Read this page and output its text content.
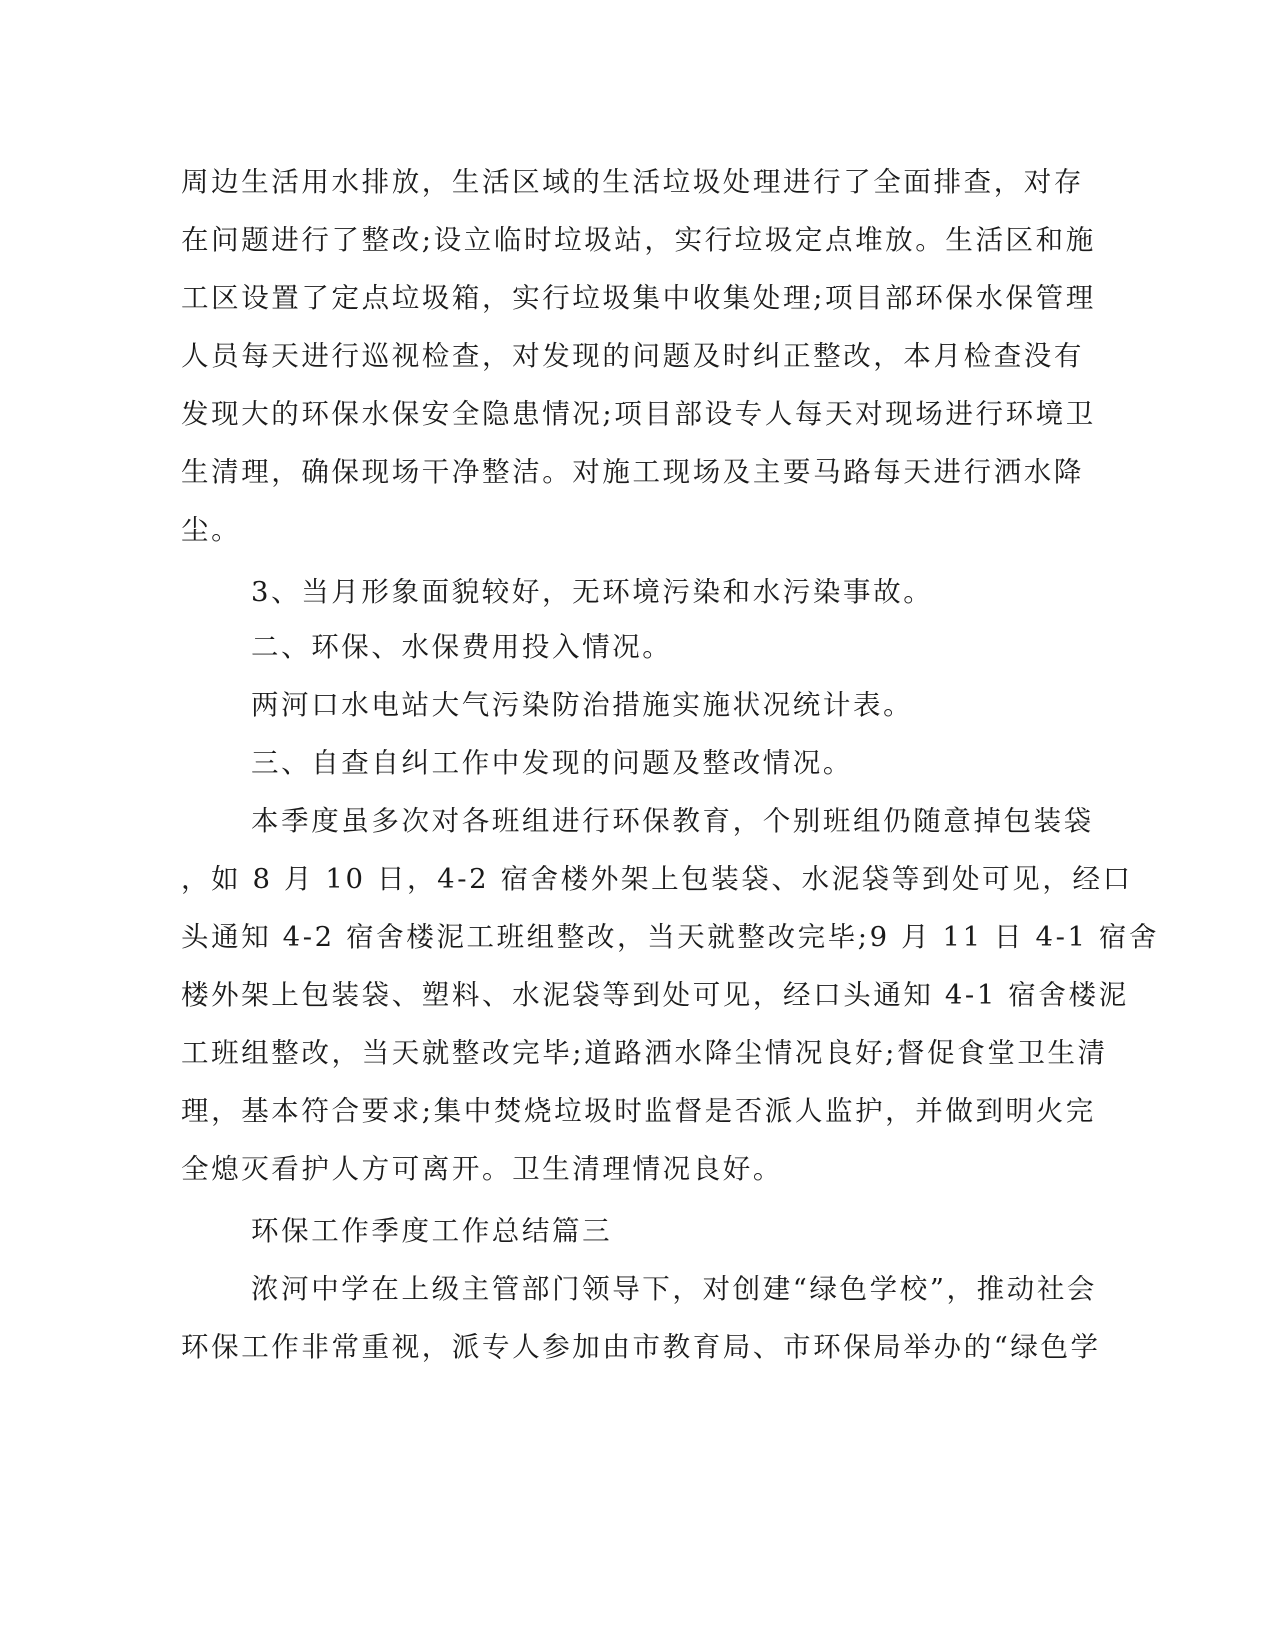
周边生活用水排放，生活区域的生活垃圾处理进行了全面排查，对存
在问题进行了整改;设立临时垃圾站，实行垃圾定点堆放。生活区和施
工区设置了定点垃圾箱，实行垃圾集中收集处理;项目部环保水保管理
人员每天进行巡视检查，对发现的问题及时纠正整改，本月检查没有
发现大的环保水保安全隐患情况;项目部设专人每天对现场进行环境卫
生清理，确保现场干净整洁。对施工现场及主要马路每天进行洒水降
尘。
3、当月形象面貌较好，无环境污染和水污染事故。
二、环保、水保费用投入情况。
两河口水电站大气污染防治措施实施状况统计表。
三、自查自纠工作中发现的问题及整改情况。
本季度虽多次对各班组进行环保教育，个别班组仍随意掉包装袋
，如 8 月 10 日，4-2 宿舍楼外架上包装袋、水泥袋等到处可见，经口
头通知 4-2 宿舍楼泥工班组整改，当天就整改完毕;9 月 11 日 4-1 宿舍
楼外架上包装袋、塑料、水泥袋等到处可见，经口头通知 4-1 宿舍楼泥
工班组整改，当天就整改完毕;道路洒水降尘情况良好;督促食堂卫生清
理，基本符合要求;集中焚烧垃圾时监督是否派人监护，并做到明火完
全熄灭看护人方可离开。卫生清理情况良好。
环保工作季度工作总结篇三
浓河中学在上级主管部门领导下，对创建“绿色学校”，推动社会
环保工作非常重视，派专人参加由市教育局、市环保局举办的“绿色学
